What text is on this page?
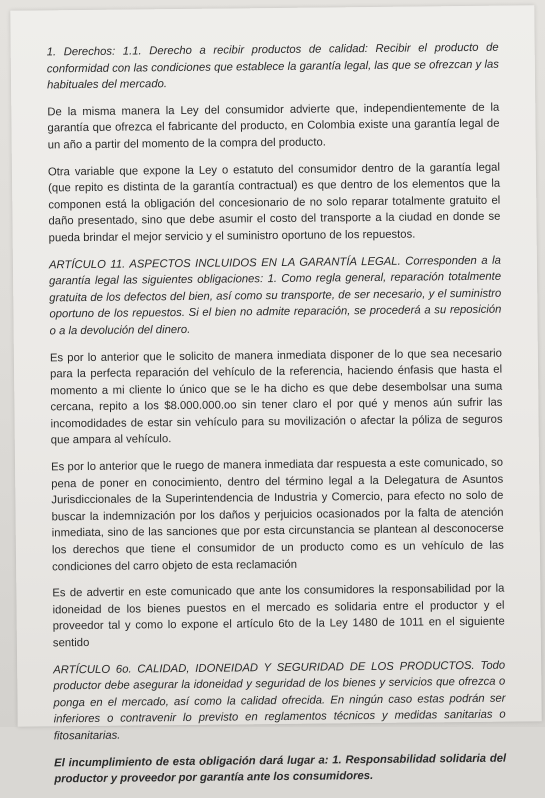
1. Derechos: 1.1. Derecho a recibir productos de calidad: Recibir el producto de conformidad con las condiciones que establece la garantía legal, las que se ofrezcan y las habituales del mercado.

De la misma manera la Ley del consumidor advierte que, independientemente de la garantía que ofrezca el fabricante del producto, en Colombia existe una garantía legal de un año a partir del momento de la compra del producto.

Otra variable que expone la Ley o estatuto del consumidor dentro de la garantía legal (que repito es distinta de la garantía contractual) es que dentro de los elementos que la componen está la obligación del concesionario de no solo reparar totalmente gratuito el daño presentado, sino que debe asumir el costo del transporte a la ciudad en donde se pueda brindar el mejor servicio y el suministro oportuno de los repuestos.

ARTÍCULO 11. ASPECTOS INCLUIDOS EN LA GARANTÍA LEGAL. Corresponden a la garantía legal las siguientes obligaciones: 1. Como regla general, reparación totalmente gratuita de los defectos del bien, así como su transporte, de ser necesario, y el suministro oportuno de los repuestos. Si el bien no admite reparación, se procederá a su reposición o a la devolución del dinero.

Es por lo anterior que le solicito de manera inmediata disponer de lo que sea necesario para la perfecta reparación del vehículo de la referencia, haciendo énfasis que hasta el momento a mi cliente lo único que se le ha dicho es que debe desembolsar una suma cercana, repito a los $8.000.000.oo sin tener claro el por qué y menos aún sufrir las incomodidades de estar sin vehículo para su movilización o afectar la póliza de seguros que ampara al vehículo.

Es por lo anterior que le ruego de manera inmediata dar respuesta a este comunicado, so pena de poner en conocimiento, dentro del término legal a la Delegatura de Asuntos Jurisdiccionales de la Superintendencia de Industria y Comercio, para efecto no solo de buscar la indemnización por los daños y perjuicios ocasionados por la falta de atención inmediata, sino de las sanciones que por esta circunstancia se plantean al desconocerse los derechos que tiene el consumidor de un producto como es un vehículo de las condiciones del carro objeto de esta reclamación

Es de advertir en este comunicado que ante los consumidores la responsabilidad por la idoneidad de los bienes puestos en el mercado es solidaria entre el productor y el proveedor tal y como lo expone el artículo 6to de la Ley 1480 de 1011 en el siguiente sentido

ARTÍCULO 6o. CALIDAD, IDONEIDAD Y SEGURIDAD DE LOS PRODUCTOS. Todo productor debe asegurar la idoneidad y seguridad de los bienes y servicios que ofrezca o ponga en el mercado, así como la calidad ofrecida. En ningún caso estas podrán ser inferiores o contravenir lo previsto en reglamentos técnicos y medidas sanitarias o fitosanitarias.

El incumplimiento de esta obligación dará lugar a: 1. Responsabilidad solidaria del productor y proveedor por garantía ante los consumidores.
